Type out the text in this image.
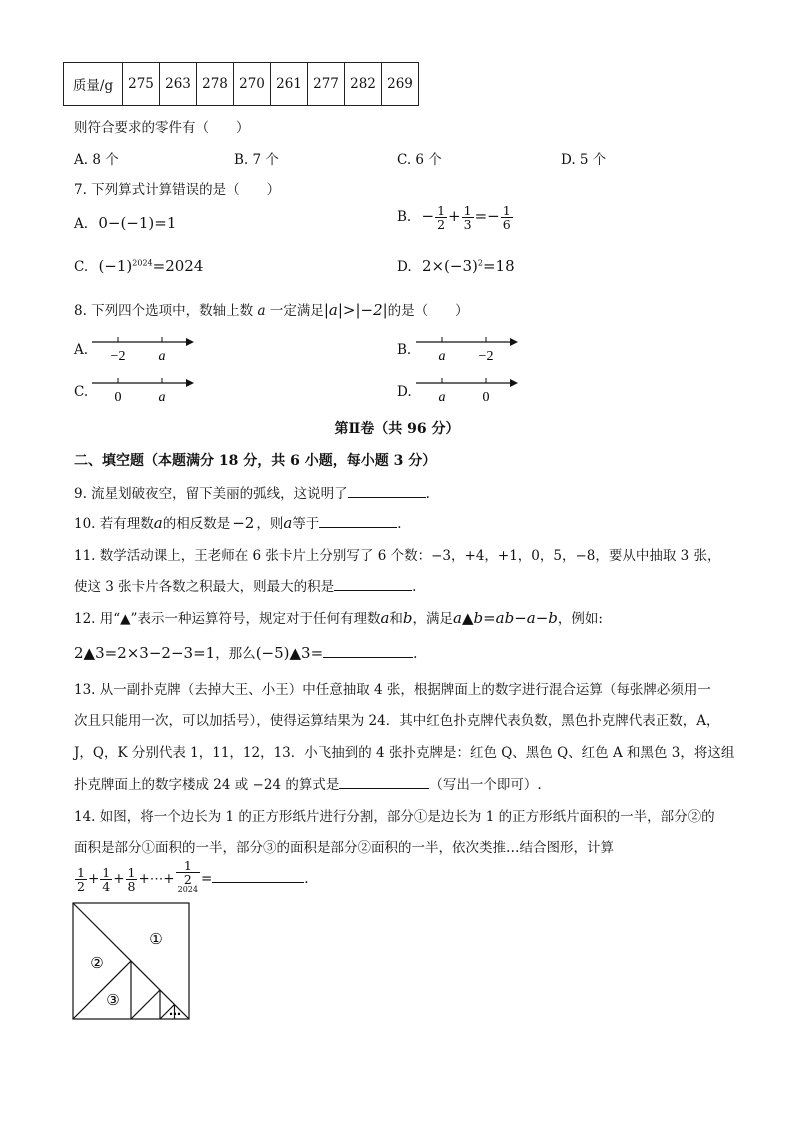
质量/g	275	263	278	270	261	277	282	269
则符合要求的零件有（　　）
A. 8 个	B. 7 个	C. 6 个	D. 5 个
7. 下列算式计算错误的是（　　）
A. 0−(−1)=1	B. − $\frac{1}{2} + \frac{1}{3} =- \frac{1}{6}$
C. $(-1)^{2024}=2024$	D. $2\times(-3)^2=18$
8. 下列四个选项中，数轴上数 a 一定满足|a|>|−2|的是（　　）
A. −2 a	B. a −2
C. 0	a	D. a	0
第Ⅱ卷（共 96 分）
二、填空题（本题满分 18 分，共 6 小题，每小题 3 分）
9. 流星划破夜空，留下美丽的弧线，这说明了	.
10. 若有理数a的相反数是 −2 ，则a等于	.
11. 数学活动课上，王老师在 6 张卡片上分别写了 6 个数：−3，+4，+1，0，5，−8，要从中抽取 3 张，
使这 3 张卡片各数之积最大，则最大的积是	.
12. 用“▲”表示一种运算符号，规定对于任何有理数a和b，满足a▲b=ab−a−b，例如:
2▲3=2×3−2−3=1，那么(−5)▲3=	.
13. 从一副扑克牌（去掉大王、小王）中任意抽取 4 张，根据牌面上的数字进行混合运算（每张牌必须用一
次且只能用一次，可以加括号），使得运算结果为 24．其中红色扑克牌代表负数，黑色扑克牌代表正数，A，
J，Q，K 分别代表 1，11，12，13．小飞抽到的 4 张扑克牌是：红色 Q、黑色 Q、红色 A 和黑色 3，将这组
扑克牌面上的数字楼成 24 或 −24 的算式是	（写出一个即可）.
14. 如图，将一个边长为 1 的正方形纸片进行分割，部分①是边长为 1 的正方形纸片面积的一半，部分②的
面积是部分①面积的一半，部分③的面积是部分②面积的一半，依次类推…结合图形，计算
$\frac{1}{2} + \frac{1}{4} + \frac{1}{8}$ +⋯+ 1
2
$^{2024}$ =	.
①
②
③
⋯
